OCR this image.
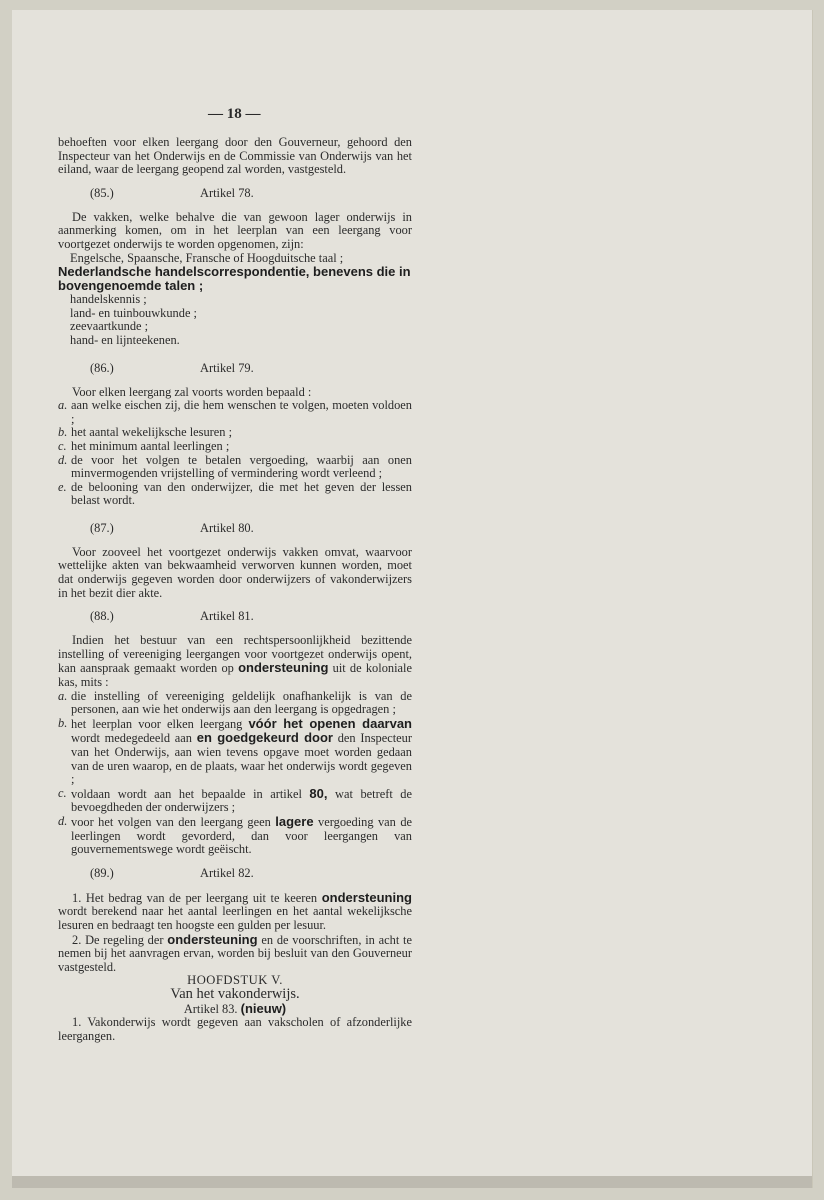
— 18 —

behoeften voor elken leergang door den Gouverneur, gehoord den Inspecteur van het Onderwijs en de Commissie van Onderwijs van het eiland, waar de leergang geopend zal worden, vastgesteld.

(85.)	Artikel 78.

De vakken, welke behalve die van gewoon lager onderwijs in aanmerking komen, om in het leerplan van een leergang voor voortgezet onderwijs te worden opgenomen, zijn:

Engelsche, Spaansche, Fransche of Hoogduitsche taal ;

Nederlandsche handelscorrespondentie, benevens die in bovengenoemde talen ;

handelskennis ;

land- en tuinbouwkunde ;

zeevaartkunde ;

hand- en lijnteekenen.

(86.)	Artikel 79.

Voor elken leergang zal voorts worden bepaald :

a. aan welke eischen zij, die hem wenschen te volgen, moeten voldoen ;
b. het aantal wekelijksche lesuren ;
c. het minimum aantal leerlingen ;
d. de voor het volgen te betalen vergoeding, waarbij aan onen minvermogenden vrijstelling of vermindering wordt verleend ;
e. de belooning van den onderwijzer, die met het geven der lessen belast wordt.
(87.)	Artikel 80.

Voor zooveel het voortgezet onderwijs vakken omvat, waarvoor wettelijke akten van bekwaamheid verworven kunnen worden, moet dat onderwijs gegeven worden door onderwijzers of vakonderwijzers in het bezit dier akte.

(88.)	Artikel 81.

Indien het bestuur van een rechtspersoonlijkheid bezittende instelling of vereeniging leergangen voor voortgezet onderwijs opent, kan aanspraak gemaakt worden op ondersteuning uit de koloniale kas, mits :

a. die instelling of vereeniging geldelijk onafhankelijk is van de personen, aan wie het onderwijs aan den leergang is opgedragen ;
b. het leerplan voor elken leergang vóór het openen daarvan wordt medegedeeld aan en goedgekeurd door den Inspecteur van het Onderwijs, aan wien tevens opgave moet worden gedaan van de uren waarop, en de plaats, waar het onderwijs wordt gegeven ;
c. voldaan wordt aan het bepaalde in artikel 80, wat betreft de bevoegdheden der onderwijzers ;
d. voor het volgen van den leergang geen lagere vergoeding van de leerlingen wordt gevorderd, dan voor leergangen van gouvernementswege wordt geëischt.
(89.)	Artikel 82.

1. Het bedrag van de per leergang uit te keeren ondersteuning wordt berekend naar het aantal leerlingen en het aantal wekelijksche lesuren en bedraagt ten hoogste een gulden per lesuur.

2. De regeling der ondersteuning en de voorschriften, in acht te nemen bij het aanvragen ervan, worden bij besluit van den Gouverneur vastgesteld.

HOOFDSTUK V.

Van het vakonderwijs.

Artikel 83. (nieuw)

1. Vakonderwijs wordt gegeven aan vakscholen of afzonderlijke leergangen.
